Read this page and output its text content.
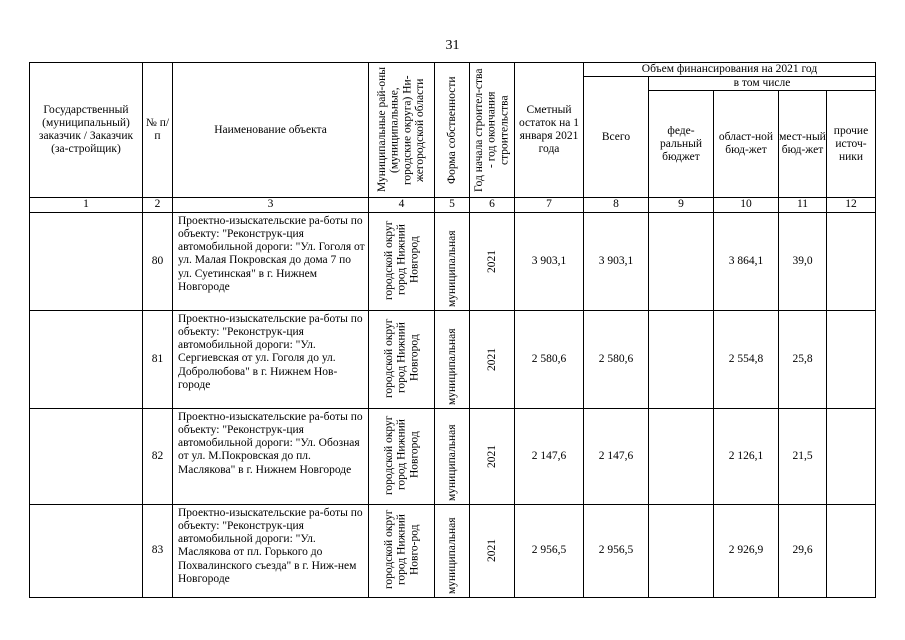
31
Государственный (муниципальный) заказчик / Заказчик (за-стройщик)	№ п/п	Наименование объекта	Муниципальные рай-оны (муниципальные, городские округа) Ни-жегородской области	Форма собственности	Год начала строител-ства - год окончания строительства	Сметный остаток на 1 января 2021 года	Объем финансирования на 2021 год				
							Всего	в том числе			
								феде-ральный бюджет	област-ной бюд-жет	мест-ный бюд-жет	прочие источ-ники
1	2	3	4	5	6	7	8	9	10	11	12
	80	Проектно-изыскательские ра-боты по объекту: "Реконструк-ция автомобильной дороги: "Ул. Гоголя от ул. Малая Покровская до дома 7 по ул. Суетинская" в г. Нижнем Новгороде	городской округ город Нижний Новгород	муниципальная	2021	3 903,1	3 903,1		3 864,1	39,0	
	81	Проектно-изыскательские ра-боты по объекту: "Реконструк-ция автомобильной дороги: "Ул. Сергиевская от ул. Гоголя до ул. Добролюбова" в г. Нижнем Нов-городе	городской округ город Нижний Новгород	муниципальная	2021	2 580,6	2 580,6		2 554,8	25,8	
	82	Проектно-изыскательские ра-боты по объекту: "Реконструк-ция автомобильной дороги: "Ул. Обозная от ул. М.Покровская до пл. Маслякова" в г. Нижнем Новгороде	городской округ город Нижний Новгород	муниципальная	2021	2 147,6	2 147,6		2 126,1	21,5	
	83	Проектно-изыскательские ра-боты по объекту: "Реконструк-ция автомобильной дороги: "Ул. Маслякова от пл. Горького до Похвалинского съезда" в г. Ниж-нем Новгороде	городской округ город Нижний Новго-род	муниципальная	2021	2 956,5	2 956,5		2 926,9	29,6	
